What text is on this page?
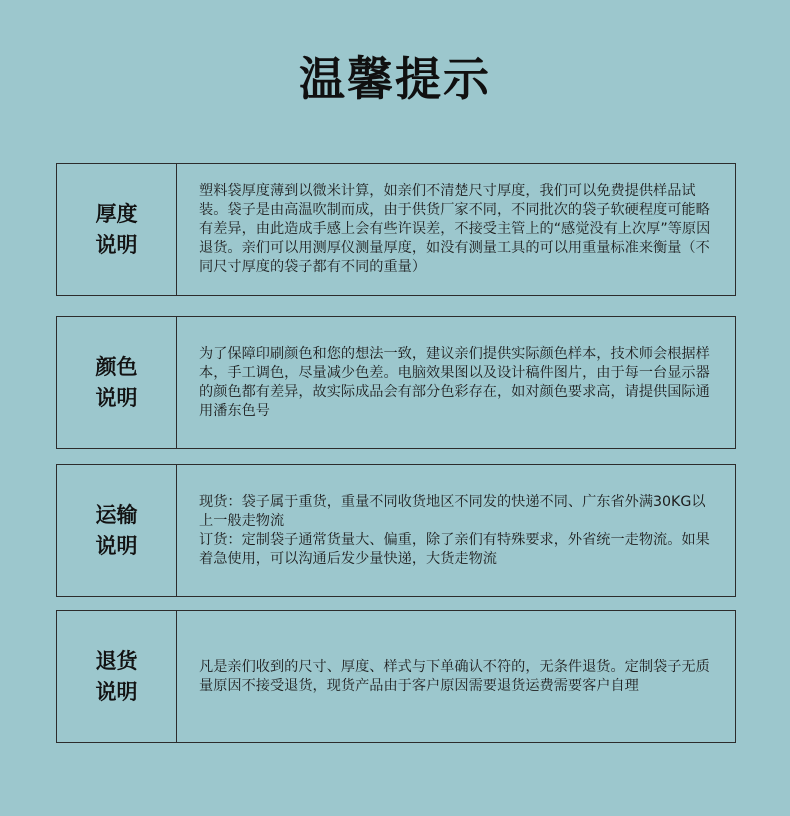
温馨提示
厚度
说明

塑料袋厚度薄到以微米计算，如亲们不清楚尺寸厚度，我们可以免费提供样品试装。袋子是由高温吹制而成，由于供货厂家不同，不同批次的袋子软硬程度可能略有差异，由此造成手感上会有些许误差，不接受主管上的“感觉没有上次厚”等原因退货。亲们可以用测厚仪测量厚度，如没有测量工具的可以用重量标准来衡量（不同尺寸厚度的袋子都有不同的重量）

颜色
说明

为了保障印刷颜色和您的想法一致，建议亲们提供实际颜色样本，技术师会根据样本，手工调色，尽量减少色差。电脑效果图以及设计稿件图片，由于每一台显示器的颜色都有差异，故实际成品会有部分色彩存在，如对颜色要求高，请提供国际通用潘东色号

运输
说明

现货：袋子属于重货，重量不同收货地区不同发的快递不同、广东省外满30KG以上一般走物流

订货：定制袋子通常货量大、偏重，除了亲们有特殊要求，外省统一走物流。如果着急使用，可以沟通后发少量快递，大货走物流

退货
说明

凡是亲们收到的尺寸、厚度、样式与下单确认不符的，无条件退货。定制袋子无质量原因不接受退货，现货产品由于客户原因需要退货运费需要客户自理
